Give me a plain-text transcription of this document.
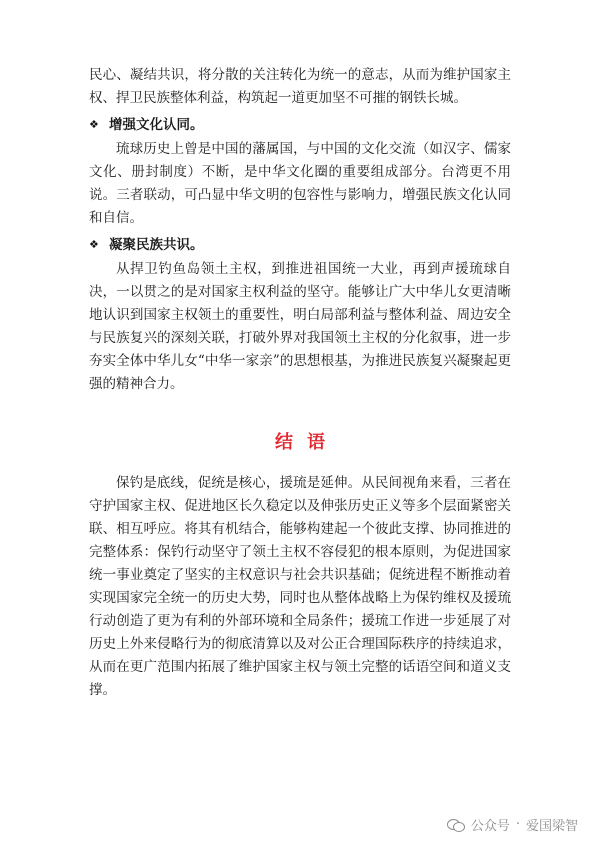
民心、凝结共识，将分散的关注转化为统一的意志，从而为维护国家主权、捍卫民族整体利益，构筑起一道更加坚不可摧的钢铁长城。

❖ 增强文化认同。

琉球历史上曾是中国的藩属国，与中国的文化交流（如汉字、儒家文化、册封制度）不断，是中华文化圈的重要组成部分。台湾更不用说。三者联动，可凸显中华文明的包容性与影响力，增强民族文化认同和自信。

❖ 凝聚民族共识。

从捍卫钓鱼岛领土主权，到推进祖国统一大业，再到声援琉球自决，一以贯之的是对国家主权利益的坚守。能够让广大中华儿女更清晰地认识到国家主权领土的重要性，明白局部利益与整体利益、周边安全与民族复兴的深刻关联，打破外界对我国领土主权的分化叙事，进一步夯实全体中华儿女“中华一家亲”的思想根基，为推进民族复兴凝聚起更强的精神合力。

结语

保钓是底线，促统是核心，援琉是延伸。从民间视角来看，三者在守护国家主权、促进地区长久稳定以及伸张历史正义等多个层面紧密关联、相互呼应。将其有机结合，能够构建起一个彼此支撑、协同推进的完整体系：保钓行动坚守了领土主权不容侵犯的根本原则，为促进国家统一事业奠定了坚实的主权意识与社会共识基础；促统进程不断推动着实现国家完全统一的历史大势，同时也从整体战略上为保钓维权及援琉行动创造了更为有利的外部环境和全局条件；援琉工作进一步延展了对历史上外来侵略行为的彻底清算以及对公正合理国际秩序的持续追求，从而在更广范围内拓展了维护国家主权与领土完整的话语空间和道义支撑。

公众号 · 爱国梁智
